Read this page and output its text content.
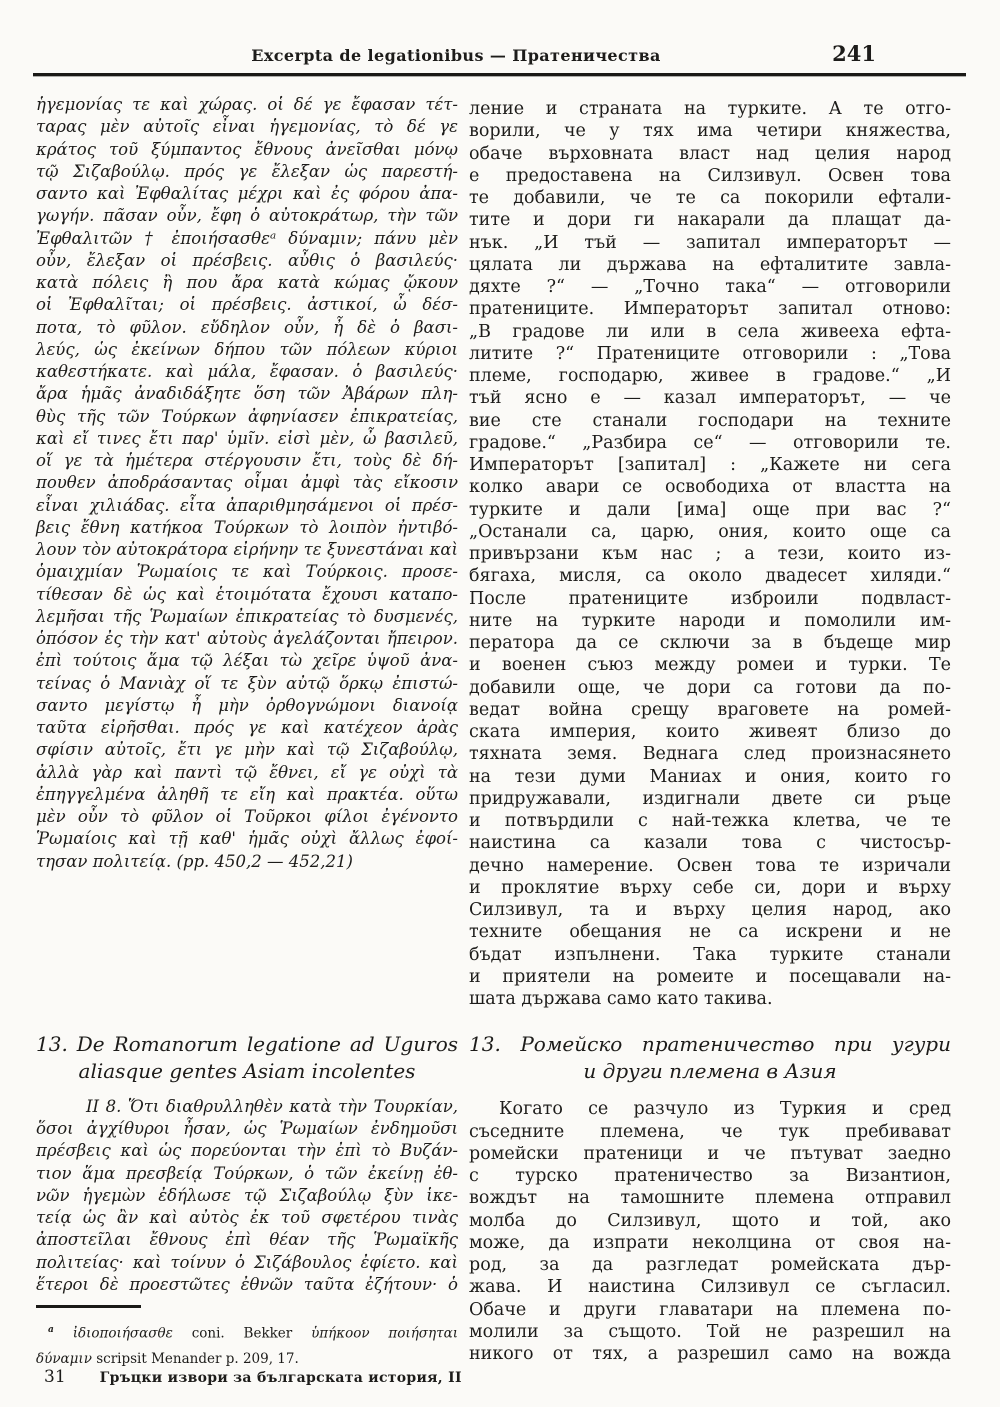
Excerpta de legationibus — Пратеничества	241
ἡγεμονίας τε καὶ χώρας. οἱ δέ γε ἔφασαν τέτ-
ταρας μὲν αὐτοῖς εἶναι ἡγεμονίας, τὸ δέ γε
κράτος τοῦ ξύμπαντος ἔθνους ἀνεῖσθαι μόνῳ
τῷ Σιζαβούλῳ. πρός γε ἔλεξαν ὡς παρεστή-
σαντο καὶ Ἐφθαλίτας μέχρι καὶ ἐς φόρου ἀπα-
γωγήν. πᾶσαν οὖν, ἔφη ὁ αὐτοκράτωρ, τὴν τῶν
Ἐφθαλιτῶν † ἐποιήσασθεᵃ δύναμιν; πάνυ μὲν
οὖν, ἔλεξαν οἱ πρέσβεις. αὖθις ὁ βασιλεύς·
κατὰ πόλεις ἢ που ἄρα κατὰ κώμας ᾤκουν
οἱ Ἐφθαλῖται; οἱ πρέσβεις. ἀστικοί, ὦ δέσ-
ποτα, τὸ φῦλον. εὔδηλον οὖν, ἦ δὲ ὁ βασι-
λεύς, ὡς ἐκείνων δήπου τῶν πόλεων κύριοι
καθεστήκατε. καὶ μάλα, ἔφασαν. ὁ βασιλεύς·
ἄρα ἡμᾶς ἀναδιδάξητε ὅση τῶν Ἀβάρων πλη-
θὺς τῆς τῶν Τούρκων ἀφηνίασεν ἐπικρατείας,
καὶ εἴ τινες ἔτι παρ' ὑμῖν. εἰσὶ μὲν, ὦ βασιλεῦ,
οἵ γε τὰ ἡμέτερα στέργουσιν ἔτι, τοὺς δὲ δή-
πουθεν ἀποδράσαντας οἶμαι ἀμφὶ τὰς εἴκοσιν
εἶναι χιλιάδας. εἶτα ἀπαριθμησάμενοι οἱ πρέσ-
βεις ἔθνη κατήκοα Τούρκων τὸ λοιπὸν ἠντιβό-
λουν τὸν αὐτοκράτορα εἰρήνην τε ξυνεστάναι καὶ
ὁμαιχμίαν Ῥωμαίοις τε καὶ Τούρκοις. προσε-
τίθεσαν δὲ ὡς καὶ ἑτοιμότατα ἔχουσι καταπο-
λεμῆσαι τῆς Ῥωμαίων ἐπικρατείας τὸ δυσμενές,
ὁπόσον ἐς τὴν κατ' αὐτοὺς ἀγελάζονται ἤπειρον.
ἐπὶ τούτοις ἅμα τῷ λέξαι τὼ χεῖρε ὑψοῦ ἀνα-
τείνας ὁ Μανιὰχ οἵ τε ξὺν αὐτῷ ὅρκῳ ἐπιστώ-
σαντο μεγίστῳ ἦ μὴν ὀρθογνώμονι διανοίᾳ
ταῦτα εἰρῆσθαι. πρός γε καὶ κατέχεον ἀρὰς
σφίσιν αὐτοῖς, ἔτι γε μὴν καὶ τῷ Σιζαβούλῳ,
ἀλλὰ γὰρ καὶ παντὶ τῷ ἔθνει, εἴ γε οὐχὶ τὰ
ἐπηγγελμένα ἀληθῆ τε εἴη καὶ πρακτέα. οὕτω
μὲν οὖν τὸ φῦλον οἱ Τοῦρκοι φίλοι ἐγένοντο
Ῥωμαίοις καὶ τῇ καθ' ἡμᾶς οὐχὶ ἄλλως ἐφοί-
τησαν πολιτείᾳ. (pp. 450,2 — 452,21)
13. De Romanorum legatione ad Uguros
aliasque gentes Asiam incolentes
II 8. Ὅτι διαθρυλληθὲν κατὰ τὴν Τουρκίαν,
ὅσοι ἀγχίθυροι ἦσαν, ὡς Ῥωμαίων ἐνδημοῦσι
πρέσβεις καὶ ὡς πορεύονται τὴν ἐπὶ τὸ Βυζάν-
τιον ἅμα πρεσβείᾳ Τούρκων, ὁ τῶν ἐκείνῃ ἐθ-
νῶν ἡγεμὼν ἐδήλωσε τῷ Σιζαβούλῳ ξὺν ἱκε-
τείᾳ ὡς ἂν καὶ αὐτὸς ἐκ τοῦ σφετέρου τινὰς
ἀποστεῖλαι ἔθνους ἐπὶ θέαν τῆς Ῥωμαϊκῆς
πολιτείας· καὶ τοίνυν ὁ Σιζάβουλος ἐφίετο. καὶ
ἕτεροι δὲ προεστῶτες ἐθνῶν ταῦτα ἐζήτουν· ὁ
$^a$ ἰδιοποιήσασθε coni. Bekker ὑπήκοον ποιήσηται
δύναμιν scripsit Menander p. 209, 17.
ление и страната на турките. А те отго-
ворили, че у тях има четири княжества,
обаче върховната власт над целия народ
е предоставена на Силзивул. Освен това
те добавили, че те са покорили ефтали-
тите и дори ги накарали да плащат да-
нък. „И тъй — запитал императорът —
цялата ли държава на ефталитите завла-
дяхте ?“ — „Точно така“ — отговорили
пратениците. Императорът запитал отново:
„В градове ли или в села живееха ефта-
литите ?“ Пратениците отговорили : „Това
племе, господарю, живее в градове.“ „И
тъй ясно е — казал императорът, — че
вие сте станали господари на техните
градове.“ „Разбира се“ — отговорили те.
Императорът [запитал] : „Кажете ни сега
колко авари се освободиха от властта на
турките и дали [има] още при вас ?“
„Останали са, царю, ония, които още са
привързани към нас ; а тези, които из-
бягаха, мисля, са около двадесет хиляди.“
После пратениците изброили подвласт-
ните на турките народи и помолили им-
ператора да се сключи за в бъдеще мир
и военен съюз между ромеи и турки. Те
добавили още, че дори са готови да по-
ведат война срещу враговете на ромей-
ската империя, които живеят близо до
тяхната земя. Веднага след произнасянето
на тези думи Маниах и ония, които го
придружавали, издигнали двете си ръце
и потвърдили с най-тежка клетва, че те
наистина са казали това с чистосър-
дечно намерение. Освен това те изричали
и проклятие върху себе си, дори и върху
Силзивул, та и върху целия народ, ако
техните обещания не са искрени и не
бъдат изпълнени. Така турките станали
и приятели на ромеите и посещавали на-
шата държава само като такива.
13. Ромейско пратеничество при угури
и други племена в Азия
Когато се разчуло из Туркия и сред
съседните племена, че тук пребивават
ромейски пратеници и че пътуват заедно
с турско пратеничество за Византион,
вождът на тамошните племена отправил
молба до Силзивул, щото и той, ако
може, да изпрати неколцина от своя на-
род, за да разгледат ромейската дър-
жава. И наистина Силзивул се съгласил.
Обаче и други главатари на племена по-
молили за същото. Той не разрешил на
никого от тях, а разрешил само на вожда
31 Гръцки извори за българската история, II
